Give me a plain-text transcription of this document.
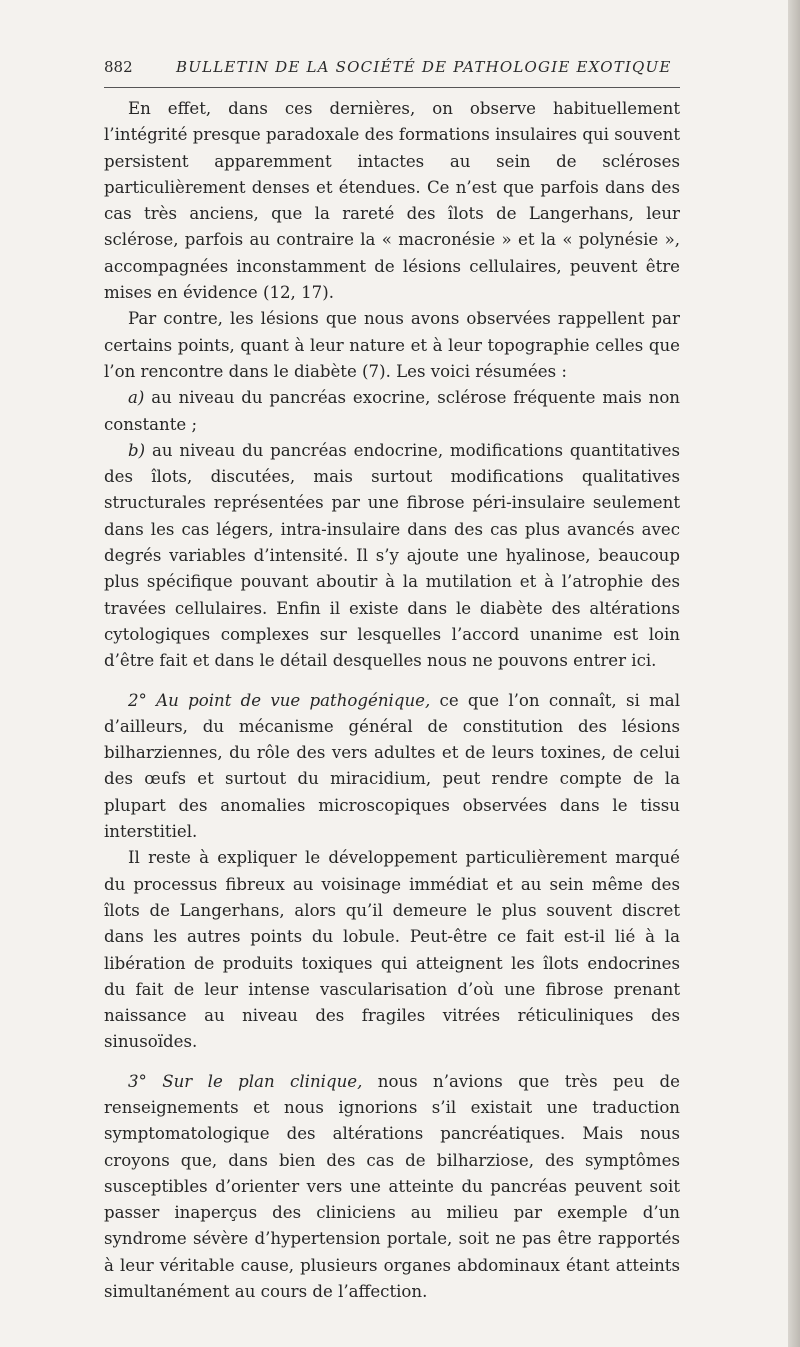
882	BULLETIN DE LA SOCIÉTÉ DE PATHOLOGIE EXOTIQUE

En effet, dans ces dernières, on observe habituellement l’intégrité presque paradoxale des formations insulaires qui souvent persistent apparemment intactes au sein de scléroses particulièrement denses et étendues. Ce n’est que parfois dans des cas très anciens, que la rareté des îlots de Langerhans, leur sclérose, parfois au contraire la « macronésie » et la « polynésie », accompagnées inconstamment de lésions cellulaires, peuvent être mises en évidence (12, 17).

Par contre, les lésions que nous avons observées rappellent par certains points, quant à leur nature et à leur topographie celles que l’on rencontre dans le diabète (7). Les voici résumées :

a) au niveau du pancréas exocrine, sclérose fréquente mais non constante ;

b) au niveau du pancréas endocrine, modifications quantitatives des îlots, discutées, mais surtout modifications qualitatives structurales représentées par une fibrose péri-insulaire seulement dans les cas légers, intra-insulaire dans des cas plus avancés avec degrés variables d’intensité. Il s’y ajoute une hyalinose, beaucoup plus spécifique pouvant aboutir à la mutilation et à l’atrophie des travées cellulaires. Enfin il existe dans le diabète des altérations cytologiques complexes sur lesquelles l’accord unanime est loin d’être fait et dans le détail desquelles nous ne pouvons entrer ici.

2° Au point de vue pathogénique, ce que l’on connaît, si mal d’ailleurs, du mécanisme général de constitution des lésions bilharziennes, du rôle des vers adultes et de leurs toxines, de celui des œufs et surtout du miracidium, peut rendre compte de la plupart des anomalies microscopiques observées dans le tissu interstitiel.

Il reste à expliquer le développement particulièrement marqué du processus fibreux au voisinage immédiat et au sein même des îlots de Langerhans, alors qu’il demeure le plus souvent discret dans les autres points du lobule. Peut-être ce fait est-il lié à la libération de produits toxiques qui atteignent les îlots endocrines du fait de leur intense vascularisation d’où une fibrose prenant naissance au niveau des fragiles vitrées réticuliniques des sinusoïdes.

3° Sur le plan clinique, nous n’avions que très peu de renseignements et nous ignorions s’il existait une traduction symptomatologique des altérations pancréatiques. Mais nous croyons que, dans bien des cas de bilharziose, des symptômes susceptibles d’orienter vers une atteinte du pancréas peuvent soit passer inaperçus des cliniciens au milieu par exemple d’un syndrome sévère d’hypertension portale, soit ne pas être rapportés à leur véritable cause, plusieurs organes abdominaux étant atteints simultanément au cours de l’affection.
